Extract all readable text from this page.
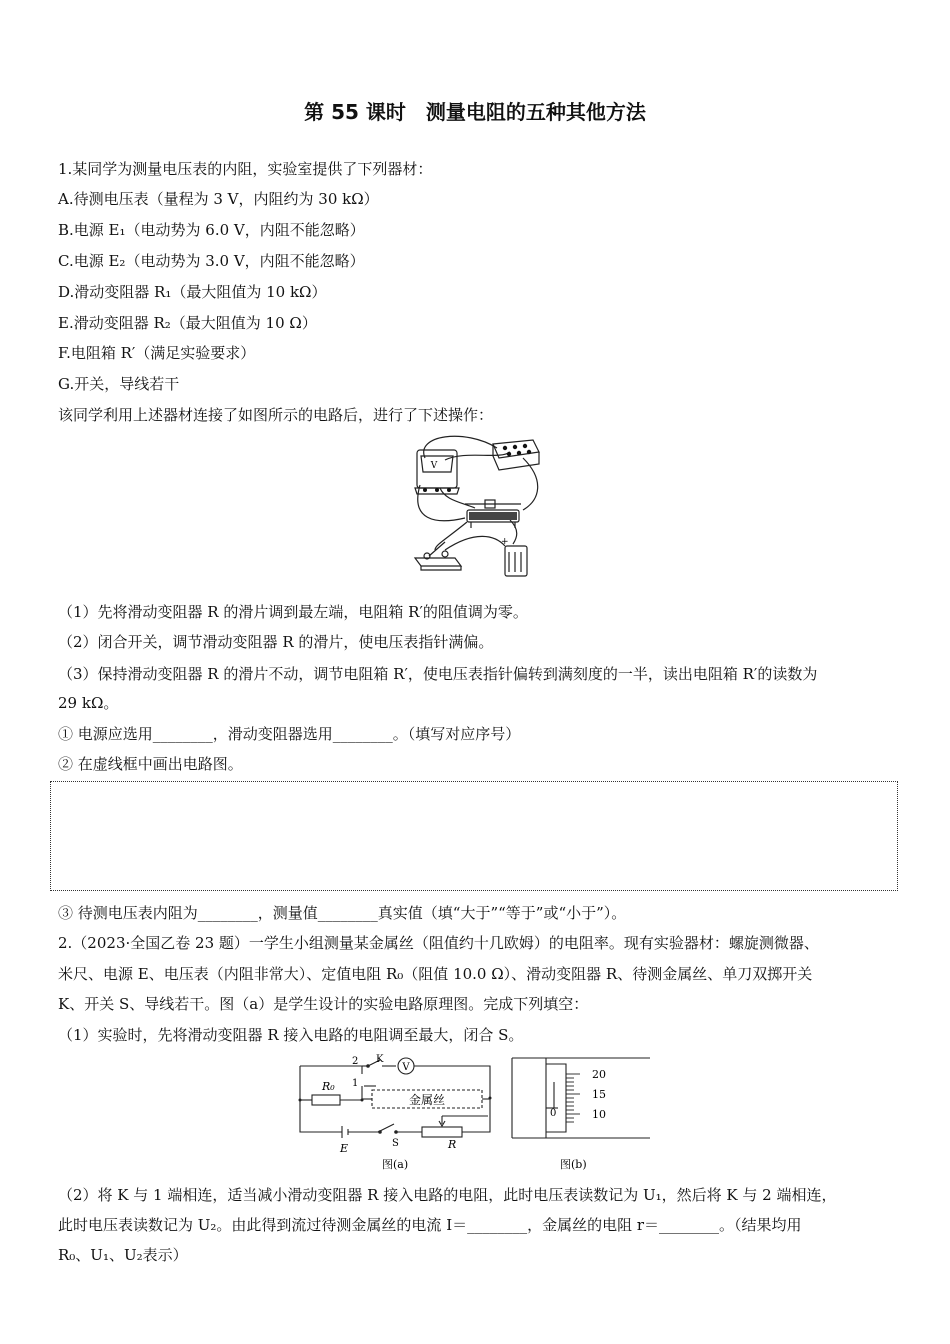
第 55 课时　测量电阻的五种其他方法
1.某同学为测量电压表的内阻，实验室提供了下列器材：
A.待测电压表（量程为 3 V，内阻约为 30 kΩ）
B.电源 E₁（电动势为 6.0 V，内阻不能忽略）
C.电源 E₂（电动势为 3.0 V，内阻不能忽略）
D.滑动变阻器 R₁（最大阻值为 10 kΩ）
E.滑动变阻器 R₂（最大阻值为 10 Ω）
F.电阻箱 R′（满足实验要求）
G.开关，导线若干
该同学利用上述器材连接了如图所示的电路后，进行了下述操作：
V
+
（1）先将滑动变阻器 R 的滑片调到最左端，电阻箱 R′的阻值调为零。
（2）闭合开关，调节滑动变阻器 R 的滑片，使电压表指针满偏。
（3）保持滑动变阻器 R 的滑片不动，调节电阻箱 R′，使电压表指针偏转到满刻度的一半，读出电阻箱 R′的读数为
29 kΩ。
① 电源应选用________，滑动变阻器选用________。（填写对应序号）
② 在虚线框中画出电路图。
③ 待测电压表内阻为________，测量值________真实值（填“大于”“等于”或“小于”）。
2.（2023·全国乙卷 23 题）一学生小组测量某金属丝（阻值约十几欧姆）的电阻率。现有实验器材：螺旋测微器、
米尺、电源 E、电压表（内阻非常大）、定值电阻 R₀（阻值 10.0 Ω）、滑动变阻器 R、待测金属丝、单刀双掷开关
K、开关 S、导线若干。图（a）是学生设计的实验电路原理图。完成下列填空：
（1）实验时，先将滑动变阻器 R 接入电路的电阻调至最大，闭合 S。
R₀
K
2
1
V
金属丝
S
E	R
图(a)
20
15
10
0
图(b)
（2）将 K 与 1 端相连，适当减小滑动变阻器 R 接入电路的电阻，此时电压表读数记为 U₁，然后将 K 与 2 端相连，
此时电压表读数记为 U₂。由此得到流过待测金属丝的电流 I＝________，金属丝的电阻 r＝________。（结果均用
R₀、U₁、U₂表示）
